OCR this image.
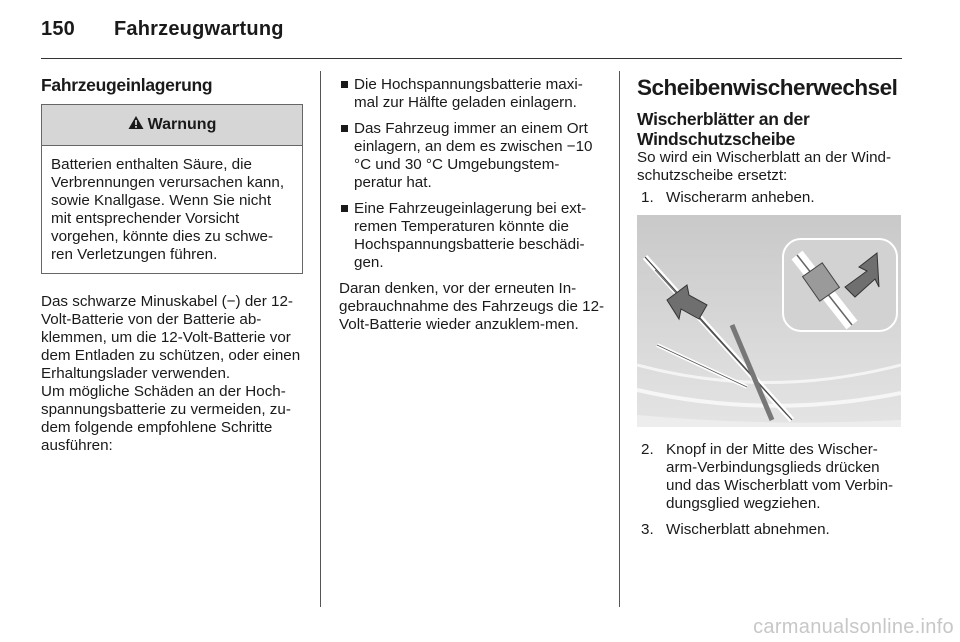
150 Fahrzeugwartung
Fahrzeugeinlagerung
Warnung
Batterien enthalten Säure, die Verbrennungen verursachen kann, sowie Knallgase. Wenn Sie nicht mit entsprechender Vorsicht vorgehen, könnte dies zu schwe-ren Verletzungen führen.

Das schwarze Minuskabel (−) der 12-Volt-Batterie von der Batterie ab-klemmen, um die 12-Volt-Batterie vor dem Entladen zu schützen, oder einen Erhaltungslader verwenden.

Um mögliche Schäden an der Hoch-spannungsbatterie zu vermeiden, zu-dem folgende empfohlene Schritte ausführen:

Die Hochspannungsbatterie maxi-mal zur Hälfte geladen einlagern.
Das Fahrzeug immer an einem Ort einlagern, an dem es zwischen −10 °C und 30 °C Umgebungstem-peratur hat.
Eine Fahrzeugeinlagerung bei ext-remen Temperaturen könnte die Hochspannungsbatterie beschädi-gen.

Daran denken, vor der erneuten In-gebrauchnahme des Fahrzeugs die 12-Volt-Batterie wieder anzuklem-men.

Scheibenwischerwechsel
Wischerblätter an der Windschutzscheibe

So wird ein Wischerblatt an der Wind-schutzscheibe ersetzt:

1. Wischerarm anheben.
2. Knopf in der Mitte des Wischer-arm-Verbindungsglieds drücken und das Wischerblatt vom Verbin-dungsglied wegziehen.
3. Wischerblatt abnehmen.
carmanualsonline.info
